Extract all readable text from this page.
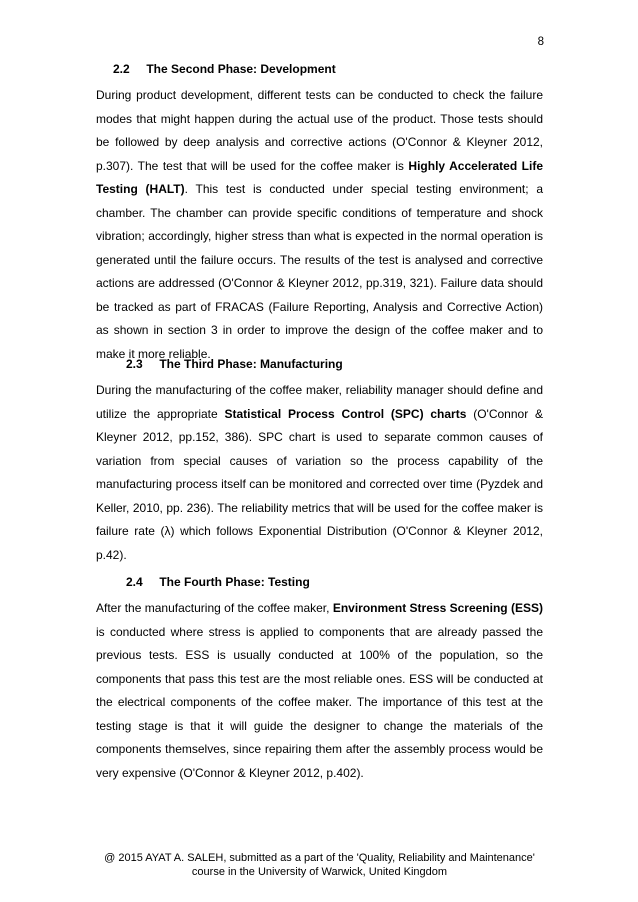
8
2.2 The Second Phase: Development

During product development, different tests can be conducted to check the failure modes that might happen during the actual use of the product. Those tests should be followed by deep analysis and corrective actions (O'Connor & Kleyner 2012, p.307). The test that will be used for the coffee maker is Highly Accelerated Life Testing (HALT). This test is conducted under special testing environment; a chamber. The chamber can provide specific conditions of temperature and shock vibration; accordingly, higher stress than what is expected in the normal operation is generated until the failure occurs. The results of the test is analysed and corrective actions are addressed (O'Connor & Kleyner 2012, pp.319, 321). Failure data should be tracked as part of FRACAS (Failure Reporting, Analysis and Corrective Action) as shown in section 3 in order to improve the design of the coffee maker and to make it more reliable.

2.3 The Third Phase: Manufacturing

During the manufacturing of the coffee maker, reliability manager should define and utilize the appropriate Statistical Process Control (SPC) charts (O'Connor & Kleyner 2012, pp.152, 386). SPC chart is used to separate common causes of variation from special causes of variation so the process capability of the manufacturing process itself can be monitored and corrected over time (Pyzdek and Keller, 2010, pp. 236). The reliability metrics that will be used for the coffee maker is failure rate (λ) which follows Exponential Distribution (O'Connor & Kleyner 2012, p.42).

2.4 The Fourth Phase: Testing

After the manufacturing of the coffee maker, Environment Stress Screening (ESS) is conducted where stress is applied to components that are already passed the previous tests. ESS is usually conducted at 100% of the population, so the components that pass this test are the most reliable ones. ESS will be conducted at the electrical components of the coffee maker. The importance of this test at the testing stage is that it will guide the designer to change the materials of the components themselves, since repairing them after the assembly process would be very expensive (O'Connor & Kleyner 2012, p.402).

@ 2015 AYAT A. SALEH, submitted as a part of the 'Quality, Reliability and Maintenance'
course in the University of Warwick, United Kingdom
